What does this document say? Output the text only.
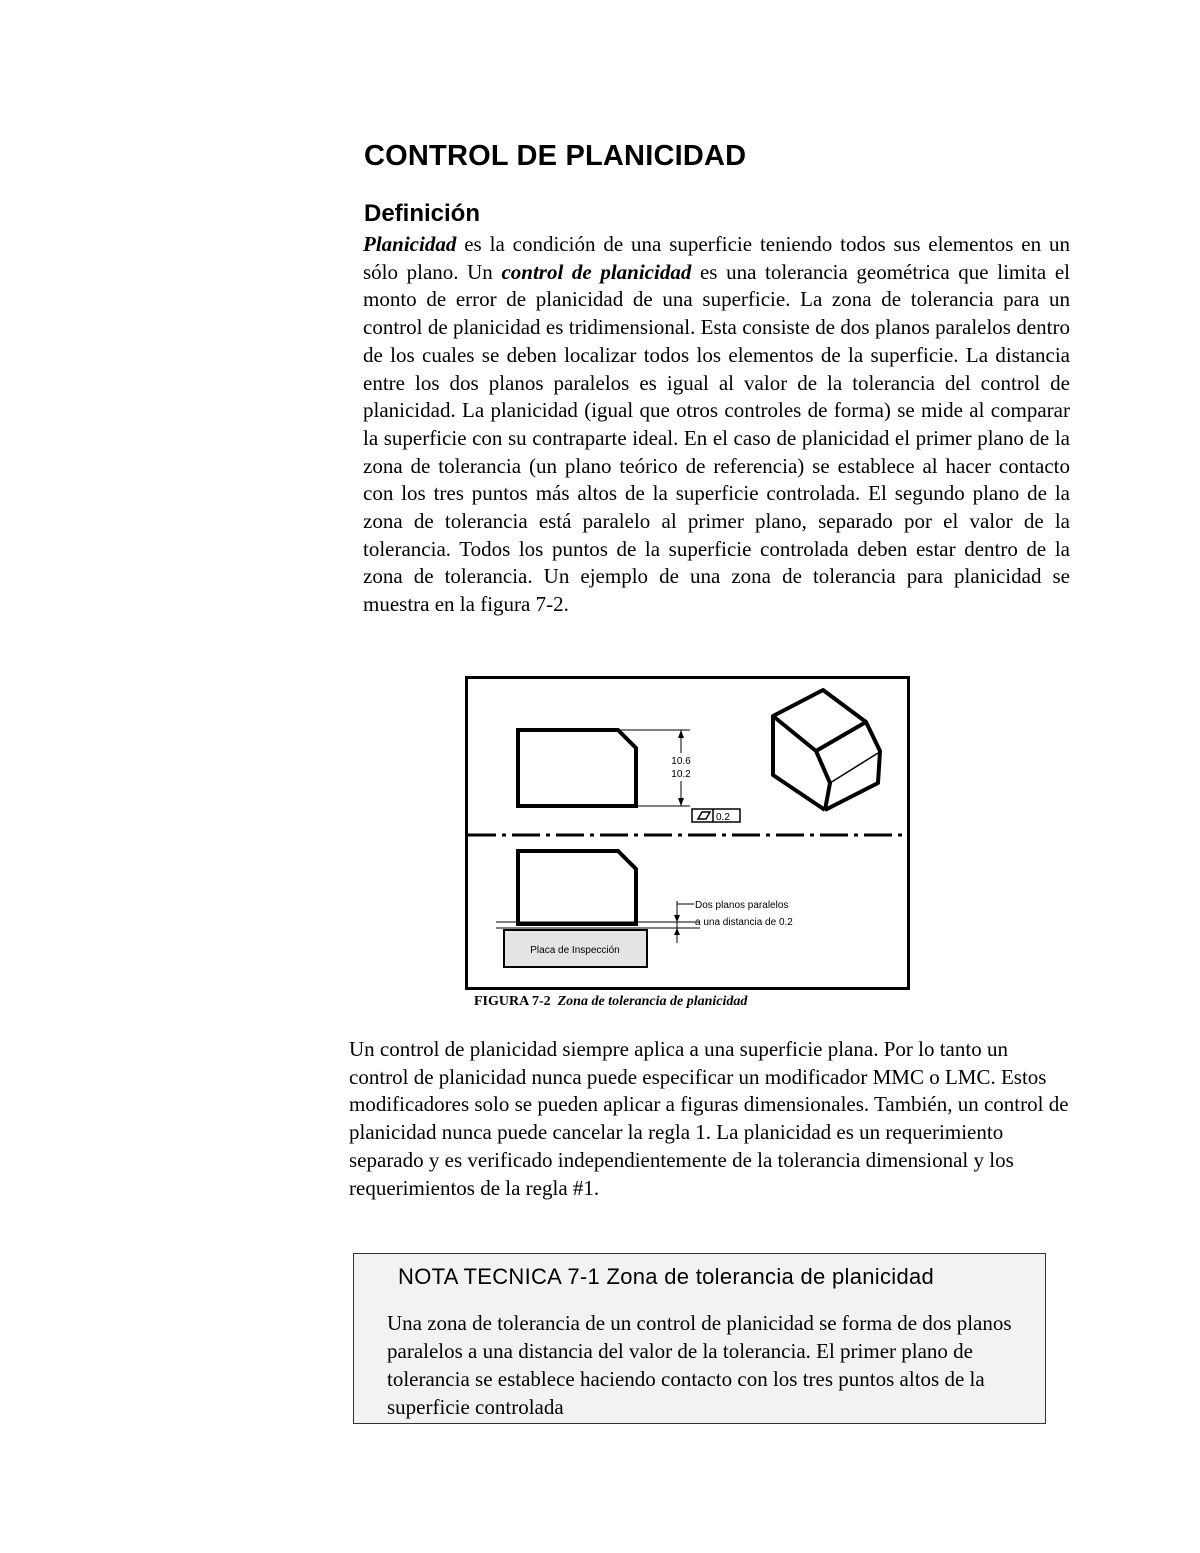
CONTROL DE PLANICIDAD
Definición

Planicidad es la condición de una superficie teniendo todos sus elementos en un sólo plano. Un control de planicidad es una tolerancia geométrica que limita el monto de error de planicidad de una superficie. La zona de tolerancia para un control de planicidad es tridimensional. Esta consiste de dos planos paralelos dentro de los cuales se deben localizar todos los elementos de la superficie. La distancia entre los dos planos paralelos es igual al valor de la tolerancia del control de planicidad. La planicidad (igual que otros controles de forma) se mide al comparar la superficie con su contraparte ideal. En el caso de planicidad el primer plano de la zona de tolerancia (un plano teórico de referencia) se establece al hacer contacto con los tres puntos más altos de la superficie controlada. El segundo plano de la zona de tolerancia está paralelo al primer plano, separado por el valor de la tolerancia. Todos los puntos de la superficie controlada deben estar dentro de la zona de tolerancia. Un ejemplo de una zona de tolerancia para planicidad se muestra en la figura 7-2.

10.6
10.2
0.2
Placa de Inspección
Dos planos paralelos
a una distancia de 0.2
FIGURA 7-2 Zona de tolerancia de planicidad

Un control de planicidad siempre aplica a una superficie plana. Por lo tanto un control de planicidad nunca puede especificar un modificador MMC o LMC. Estos modificadores solo se pueden aplicar a figuras dimensionales. También, un control de planicidad nunca puede cancelar la regla 1. La planicidad es un requerimiento separado y es verificado independientemente de la tolerancia dimensional y los requerimientos de la regla #1.

NOTA TECNICA 7-1 Zona de tolerancia de planicidad

Una zona de tolerancia de un control de planicidad se forma de dos planos paralelos a una distancia del valor de la tolerancia. El primer plano de tolerancia se establece haciendo contacto con los tres puntos altos de la superficie controlada
